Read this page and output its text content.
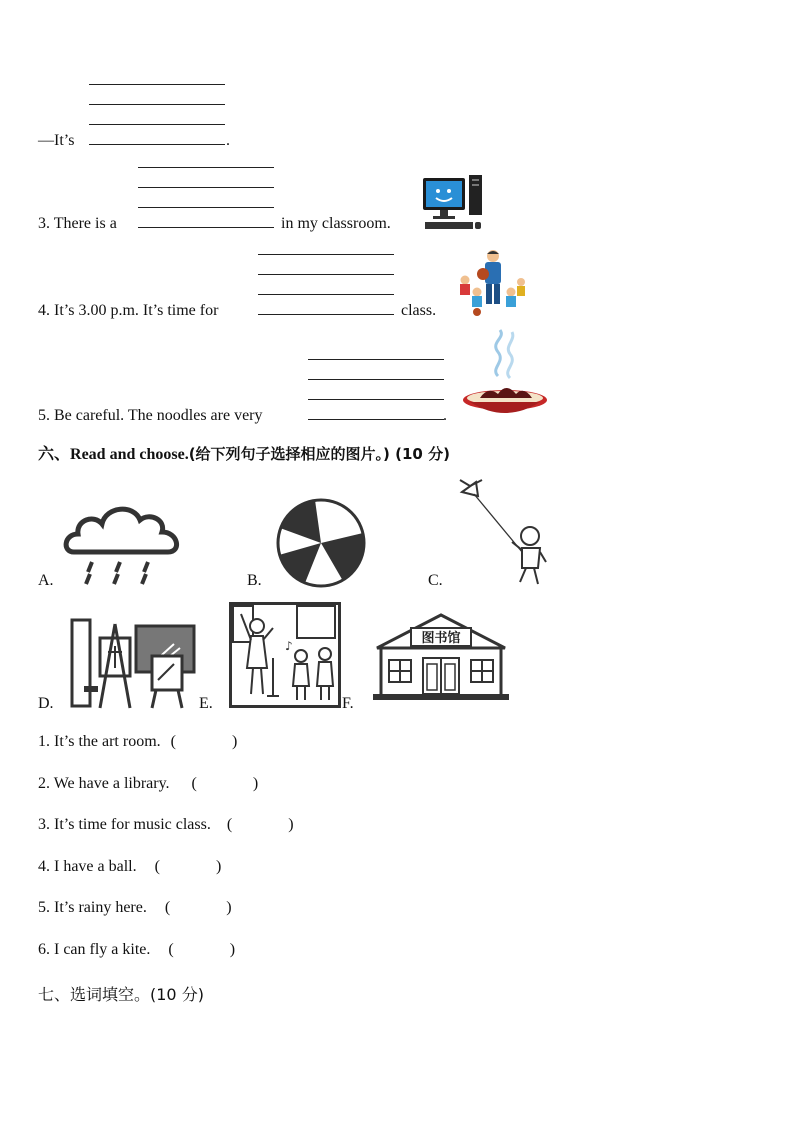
—It’s	.
3. There is a	in my classroom.
4. It’s 3.00 p.m. It’s time for	class.
5. Be careful. The noodles are very	.
六、Read and choose.(给下列句子选择相应的图片。) (10 分)
A.	B.	C.
D.	E.
♪
F.
图书馆
1. It’s the art room. (              )
2. We have a library. (              )
3. It’s time for music class. (              )
4. I have a ball. (              )
5. It’s rainy here. (              )
6. I can fly a kite. (              )
七、选词填空。(10 分)
